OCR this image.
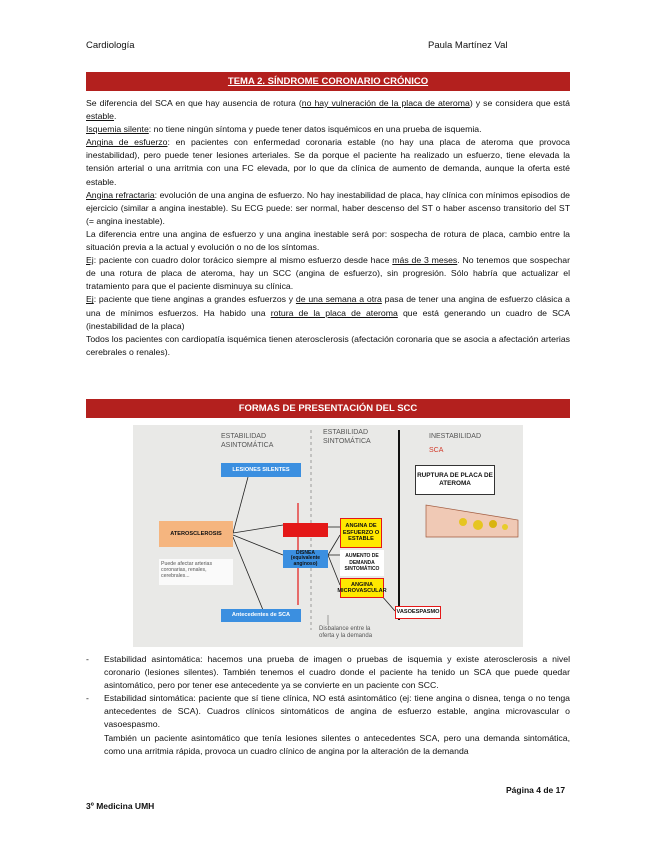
Cardiología	Paula Martínez Val
TEMA 2. SÍNDROME CORONARIO CRÓNICO

Se diferencia del SCA en que hay ausencia de rotura (no hay vulneración de la placa de ateroma) y se considera que está estable.

Isquemia silente: no tiene ningún síntoma y puede tener datos isquémicos en una prueba de isquemia.

Angina de esfuerzo: en pacientes con enfermedad coronaria estable (no hay una placa de ateroma que provoca inestabilidad), pero puede tener lesiones arteriales. Se da porque el paciente ha realizado un esfuerzo, tiene elevada la tensión arterial o una arritmia con una FC elevada, por lo que da clínica de aumento de demanda, aunque la oferta esté estable.

Angina refractaria: evolución de una angina de esfuerzo. No hay inestabilidad de placa, hay clínica con mínimos episodios de ejercicio (similar a angina inestable). Su ECG puede: ser normal, haber descenso del ST o haber ascenso transitorio del ST (= angina inestable).

La diferencia entre una angina de esfuerzo y una angina inestable será por: sospecha de rotura de placa, cambio entre la situación previa a la actual y evolución o no de los síntomas.

Ej: paciente con cuadro dolor torácico siempre al mismo esfuerzo desde hace más de 3 meses. No tenemos que sospechar de una rotura de placa de ateroma, hay un SCC (angina de esfuerzo), sin progresión. Sólo habría que actualizar el tratamiento para que el paciente disminuya su clínica.

Ej: paciente que tiene anginas a grandes esfuerzos y de una semana a otra pasa de tener una angina de esfuerzo clásica a una de mínimos esfuerzos. Ha habido una rotura de la placa de ateroma que está generando un cuadro de SCA (inestabilidad de la placa)

Todos los pacientes con cardiopatía isquémica tienen aterosclerosis (afectación coronaria que se asocia a afectación arterias cerebrales o renales).

FORMAS DE PRESENTACIÓN DEL SCC
ESTABILIDAD ASINTOMÁTICA
ESTABILIDAD SINTOMÁTICA
INESTABILIDAD
SCA
LESIONES SILENTES
RUPTURA DE PLACA DE ATEROMA
ATEROSCLEROSIS
DISNEA (equivalente anginoso)
ANGINA DE ESFUERZO O ESTABLE
AUMENTO DE DEMANDA SINTOMÁTICO
ANGINA MICROVASCULAR
VASOESPASMO
Puede afectar arterias coronarias, renales, cerebrales...
Antecedentes de SCA
Disbalance entre la oferta y la demanda
- Estabilidad asintomática: hacemos una prueba de imagen o pruebas de isquemia y existe aterosclerosis a nivel coronario (lesiones silentes). También tenemos el cuadro donde el paciente ha tenido un SCA que puede quedar asintomático, pero por tener ese antecedente ya se convierte en un paciente con SCC.
- Estabilidad sintomática: paciente que sí tiene clínica, NO está asintomático (ej: tiene angina o disnea, tenga o no tenga antecedentes de SCA). Cuadros clínicos sintomáticos de angina de esfuerzo estable, angina microvascular o vasoespasmo.
También un paciente asintomático que tenía lesiones silentes o antecedentes SCA, pero una demanda sintomática, como una arritmia rápida, provoca un cuadro clínico de angina por la alteración de la demanda
Página 4 de 17
3º Medicina UMH
